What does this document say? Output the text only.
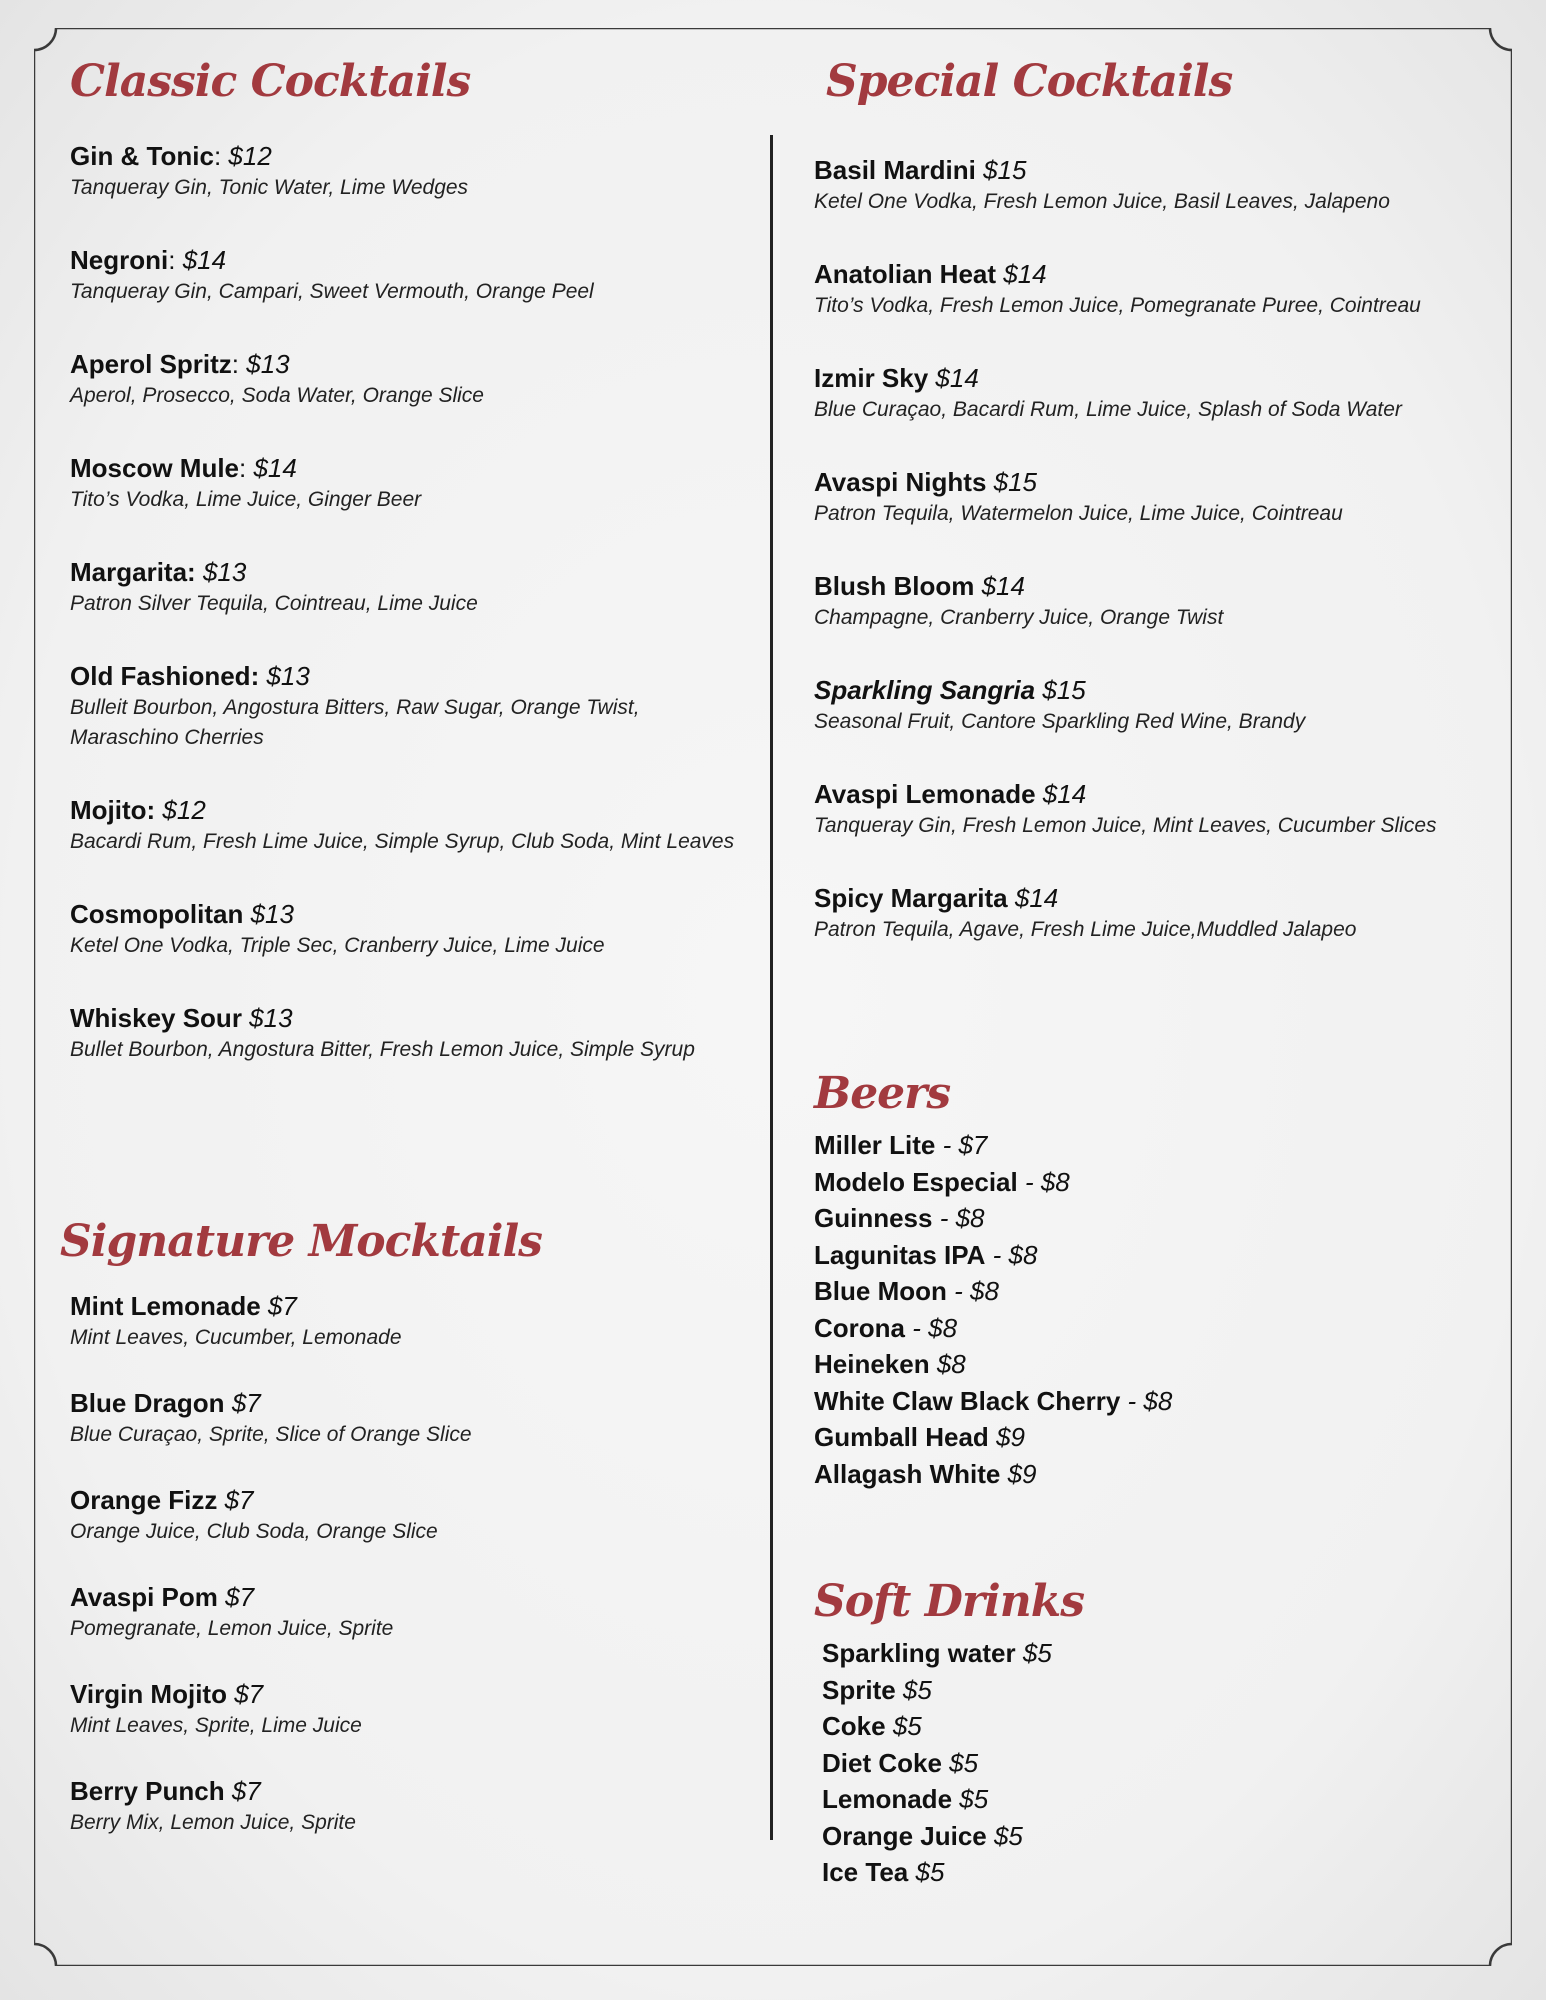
Classic Cocktails
Gin & Tonic: $12
Tanqueray Gin, Tonic Water, Lime Wedges
Negroni: $14
Tanqueray Gin, Campari, Sweet Vermouth, Orange Peel
Aperol Spritz: $13
Aperol, Prosecco, Soda Water, Orange Slice
Moscow Mule: $14
Tito’s Vodka, Lime Juice, Ginger Beer
Margarita: $13
Patron Silver Tequila, Cointreau, Lime Juice
Old Fashioned: $13
Bulleit Bourbon, Angostura Bitters, Raw Sugar, Orange Twist, Maraschino Cherries
Mojito: $12
Bacardi Rum, Fresh Lime Juice, Simple Syrup, Club Soda, Mint Leaves
Cosmopolitan $13
Ketel One Vodka, Triple Sec, Cranberry Juice, Lime Juice
Whiskey Sour $13
Bullet Bourbon, Angostura Bitter, Fresh Lemon Juice, Simple Syrup
Signature Mocktails
Mint Lemonade $7
Mint Leaves, Cucumber, Lemonade
Blue Dragon $7
Blue Curaçao, Sprite, Slice of Orange Slice
Orange Fizz $7
Orange Juice, Club Soda, Orange Slice
Avaspi Pom $7
Pomegranate, Lemon Juice, Sprite
Virgin Mojito $7
Mint Leaves, Sprite, Lime Juice
Berry Punch $7
Berry Mix, Lemon Juice, Sprite
Special Cocktails
Basil Mardini $15
Ketel One Vodka, Fresh Lemon Juice, Basil Leaves, Jalapeno
Anatolian Heat $14
Tito’s Vodka, Fresh Lemon Juice, Pomegranate Puree, Cointreau
Izmir Sky $14
Blue Curaçao, Bacardi Rum, Lime Juice, Splash of Soda Water
Avaspi Nights $15
Patron Tequila, Watermelon Juice, Lime Juice, Cointreau
Blush Bloom $14
Champagne, Cranberry Juice, Orange Twist
Sparkling Sangria $15
Seasonal Fruit, Cantore Sparkling Red Wine, Brandy
Avaspi Lemonade $14
Tanqueray Gin, Fresh Lemon Juice, Mint Leaves, Cucumber Slices
Spicy Margarita $14
Patron Tequila, Agave, Fresh Lime Juice,Muddled Jalapeo
Beers
Miller Lite - $7
Modelo Especial - $8
Guinness - $8
Lagunitas IPA - $8
Blue Moon - $8
Corona - $8
Heineken $8
White Claw Black Cherry - $8
Gumball Head $9
Allagash White $9
Soft Drinks
Sparkling water $5
Sprite $5
Coke $5
Diet Coke $5
Lemonade $5
Orange Juice $5
Ice Tea $5
